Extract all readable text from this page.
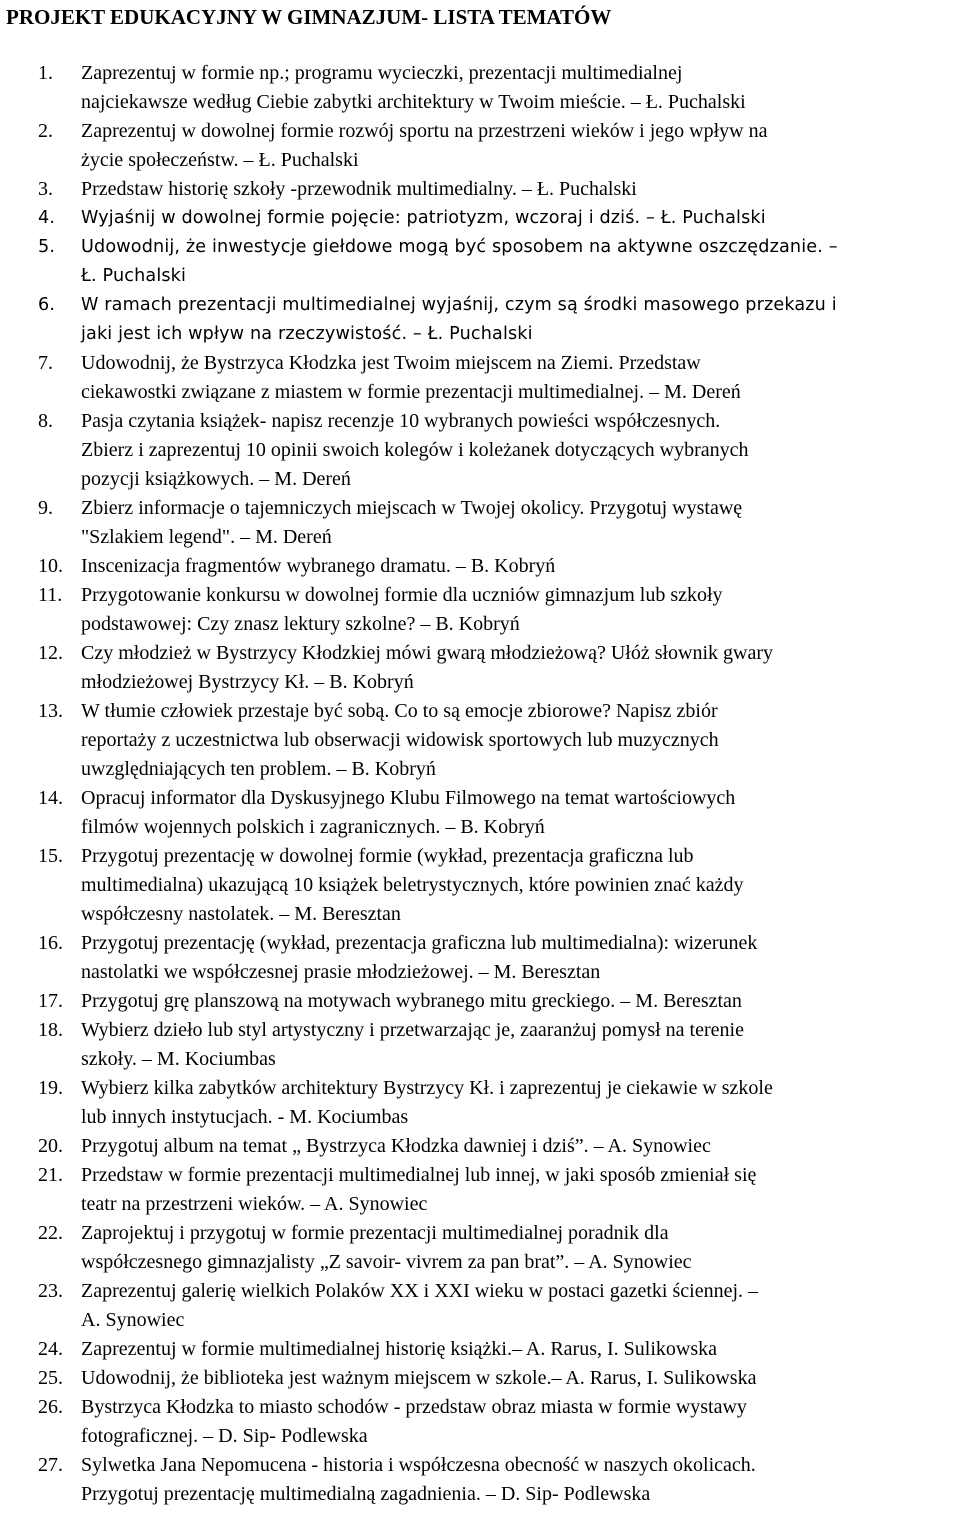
PROJEKT EDUKACYJNY W GIMNAZJUM- LISTA TEMATÓW
1. Zaprezentuj w formie np.; programu wycieczki, prezentacji multimedialnej
najciekawsze według Ciebie zabytki architektury w Twoim mieście. – Ł. Puchalski
2. Zaprezentuj w dowolnej formie rozwój sportu na przestrzeni wieków i jego wpływ na
życie społeczeństw. – Ł. Puchalski
3. Przedstaw historię szkoły -przewodnik multimedialny. – Ł. Puchalski
4. Wyjaśnij w dowolnej formie pojęcie: patriotyzm, wczoraj i dziś. – Ł. Puchalski
5. Udowodnij, że inwestycje giełdowe mogą być sposobem na aktywne oszczędzanie. –
Ł. Puchalski
6. W ramach prezentacji multimedialnej wyjaśnij, czym są środki masowego przekazu i
jaki jest ich wpływ na rzeczywistość. – Ł. Puchalski
7. Udowodnij, że Bystrzyca Kłodzka jest Twoim miejscem na Ziemi. Przedstaw
ciekawostki związane z miastem w formie prezentacji multimedialnej. – M. Dereń
8. Pasja czytania książek- napisz recenzje 10 wybranych powieści współczesnych.
Zbierz i zaprezentuj 10 opinii swoich kolegów i koleżanek dotyczących wybranych
pozycji książkowych. – M. Dereń
9. Zbierz informacje o tajemniczych miejscach w Twojej okolicy. Przygotuj wystawę
"Szlakiem legend". – M. Dereń
10. Inscenizacja fragmentów wybranego dramatu. – B. Kobryń
11. Przygotowanie konkursu w dowolnej formie dla uczniów gimnazjum lub szkoły
podstawowej: Czy znasz lektury szkolne? – B. Kobryń
12. Czy młodzież w Bystrzycy Kłodzkiej mówi gwarą młodzieżową? Ułóż słownik gwary
młodzieżowej Bystrzycy Kł. – B. Kobryń
13. W tłumie człowiek przestaje być sobą. Co to są emocje zbiorowe? Napisz zbiór
reportaży z uczestnictwa lub obserwacji widowisk sportowych lub muzycznych
uwzględniających ten problem. – B. Kobryń
14. Opracuj informator dla Dyskusyjnego Klubu Filmowego na temat wartościowych
filmów wojennych polskich i zagranicznych. – B. Kobryń
15. Przygotuj prezentację w dowolnej formie (wykład, prezentacja graficzna lub
multimedialna) ukazującą 10 książek beletrystycznych, które powinien znać każdy
współczesny nastolatek. – M. Beresztan
16. Przygotuj prezentację (wykład, prezentacja graficzna lub multimedialna): wizerunek
nastolatki we współczesnej prasie młodzieżowej. – M. Beresztan
17. Przygotuj grę planszową na motywach wybranego mitu greckiego. – M. Beresztan
18. Wybierz dzieło lub styl artystyczny i przetwarzając je, zaaranżuj pomysł na terenie
szkoły. – M. Kociumbas
19. Wybierz kilka zabytków architektury Bystrzycy Kł. i zaprezentuj je ciekawie w szkole
lub innych instytucjach. - M. Kociumbas
20. Przygotuj album na temat „ Bystrzyca Kłodzka dawniej i dziś”. – A. Synowiec
21. Przedstaw w formie prezentacji multimedialnej lub innej, w jaki sposób zmieniał się
teatr na przestrzeni wieków. – A. Synowiec
22. Zaprojektuj i przygotuj w formie prezentacji multimedialnej poradnik dla
współczesnego gimnazjalisty „Z savoir- vivrem za pan brat”. – A. Synowiec
23. Zaprezentuj galerię wielkich Polaków XX i XXI wieku w postaci gazetki ściennej. –
A. Synowiec
24. Zaprezentuj w formie multimedialnej historię książki.– A. Rarus, I. Sulikowska
25. Udowodnij, że biblioteka jest ważnym miejscem w szkole.– A. Rarus, I. Sulikowska
26. Bystrzyca Kłodzka to miasto schodów - przedstaw obraz miasta w formie wystawy
fotograficznej. – D. Sip- Podlewska
27. Sylwetka Jana Nepomucena - historia i współczesna obecność w naszych okolicach.
Przygotuj prezentację multimedialną zagadnienia. – D. Sip- Podlewska
